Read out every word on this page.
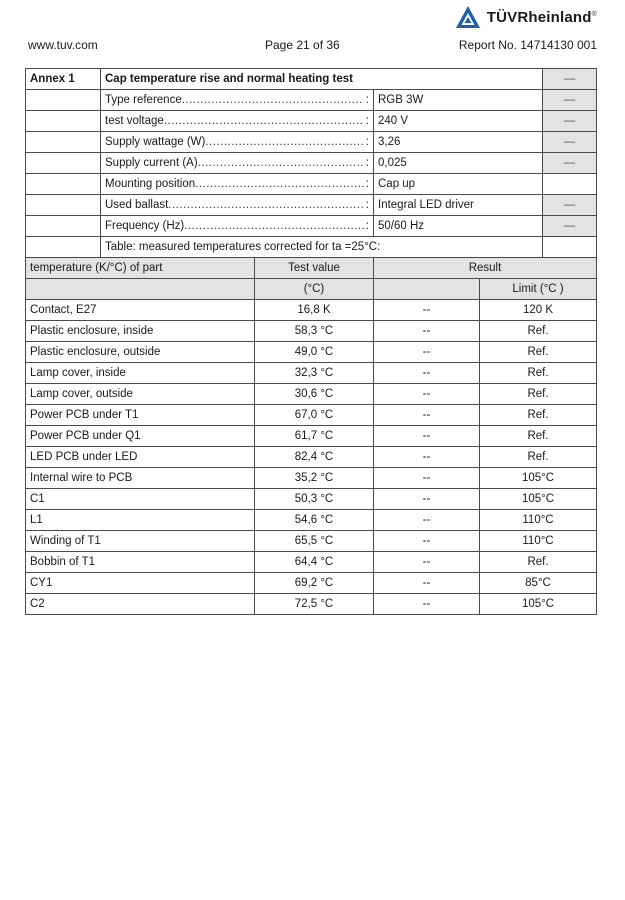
TÜVRheinland®
www.tuv.com	Page 21 of 36	Report No. 14714130 001
Annex 1	Cap temperature rise and normal heating test				—

	Type reference ..... :		RGB 3W		—

	test voltage ..... :		240 V		—

	Supply wattage (W) ..... :		3,26		—

	Supply current (A) ..... :		0,025		—

	Mounting position ..... :		Cap up		

	Used ballast ..... :		Integral LED driver		—

	Frequency (Hz) ..... :		50/60 Hz		—
	Table: measured temperatures corrected for ta =25°C:				
temperature (K/°C) of part		Test value	Result		
		(°C)		Limit (°C )	
Contact, E27		16,8 K	--	120 K	
Plastic enclosure, inside		58,3 °C	--	Ref.	
Plastic enclosure, outside		49,0 °C	--	Ref.	
Lamp cover, inside		32,3 °C	--	Ref.	
Lamp cover, outside		30,6 °C	--	Ref.	
Power PCB under T1		67,0 °C	--	Ref.	
Power PCB under Q1		61,7 °C	--	Ref.	
LED PCB under LED		82,4 °C	--	Ref.	
Internal wire to PCB		35,2 °C	--	105°C	
C1		50,3 °C	--	105°C	
L1		54,6 °C	--	110°C	
Winding of T1		65,5 °C	--	110°C	
Bobbin of T1		64,4 °C	--	Ref.	
CY1		69,2 °C	--	85°C	
C2		72,5 °C	--	105°C	
